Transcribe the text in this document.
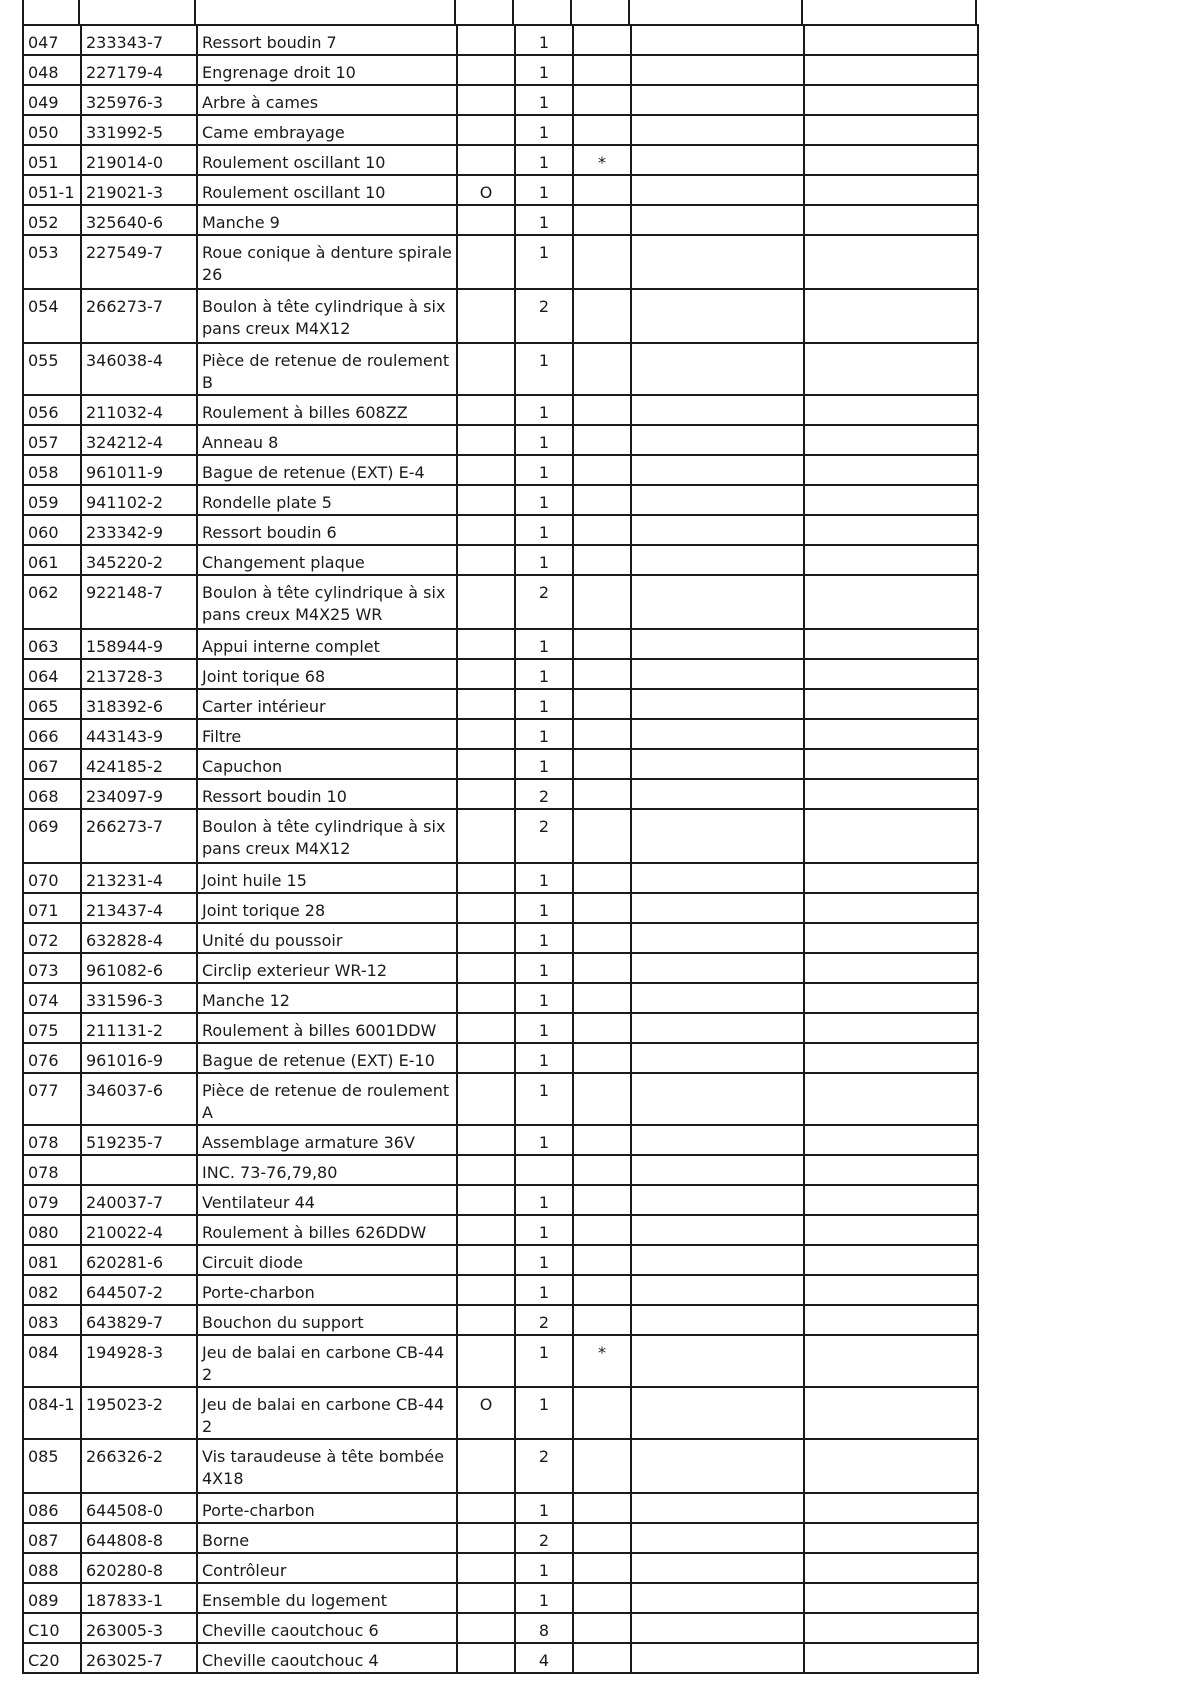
047	233343-7	Ressort boudin 7		1			
048	227179-4	Engrenage droit 10		1			
049	325976-3	Arbre à cames		1			
050	331992-5	Came embrayage		1			
051	219014-0	Roulement oscillant 10		1	*		
051-1	219021-3	Roulement oscillant 10	O	1			
052	325640-6	Manche 9		1			
053	227549-7	Roue conique à denture spirale 26		1			
054	266273-7	Boulon à tête cylindrique à six pans creux M4X12		2			
055	346038-4	Pièce de retenue de roulement B		1			
056	211032-4	Roulement à billes 608ZZ		1			
057	324212-4	Anneau 8		1			
058	961011-9	Bague de retenue (EXT) E-4		1			
059	941102-2	Rondelle plate 5		1			
060	233342-9	Ressort boudin 6		1			
061	345220-2	Changement plaque		1			
062	922148-7	Boulon à tête cylindrique à six pans creux M4X25 WR		2			
063	158944-9	Appui interne complet		1			
064	213728-3	Joint torique 68		1			
065	318392-6	Carter intérieur		1			
066	443143-9	Filtre		1			
067	424185-2	Capuchon		1			
068	234097-9	Ressort boudin 10		2			
069	266273-7	Boulon à tête cylindrique à six pans creux M4X12		2			
070	213231-4	Joint huile 15		1			
071	213437-4	Joint torique 28		1			
072	632828-4	Unité du poussoir		1			
073	961082-6	Circlip exterieur WR-12		1			
074	331596-3	Manche 12		1			
075	211131-2	Roulement à billes 6001DDW		1			
076	961016-9	Bague de retenue (EXT) E-10		1			
077	346037-6	Pièce de retenue de roulement A		1			
078	519235-7	Assemblage armature 36V		1			
078		INC. 73-76,79,80					
079	240037-7	Ventilateur 44		1			
080	210022-4	Roulement à billes 626DDW		1			
081	620281-6	Circuit diode		1			
082	644507-2	Porte-charbon		1			
083	643829-7	Bouchon du support		2			
084	194928-3	Jeu de balai en carbone CB-442		1	*		
084-1	195023-2	Jeu de balai en carbone CB-442	O	1			
085	266326-2	Vis taraudeuse à tête bombée 4X18		2			
086	644508-0	Porte-charbon		1			
087	644808-8	Borne		2			
088	620280-8	Contrôleur		1			
089	187833-1	Ensemble du logement		1			
C10	263005-3	Cheville caoutchouc 6		8			
C20	263025-7	Cheville caoutchouc 4		4			
